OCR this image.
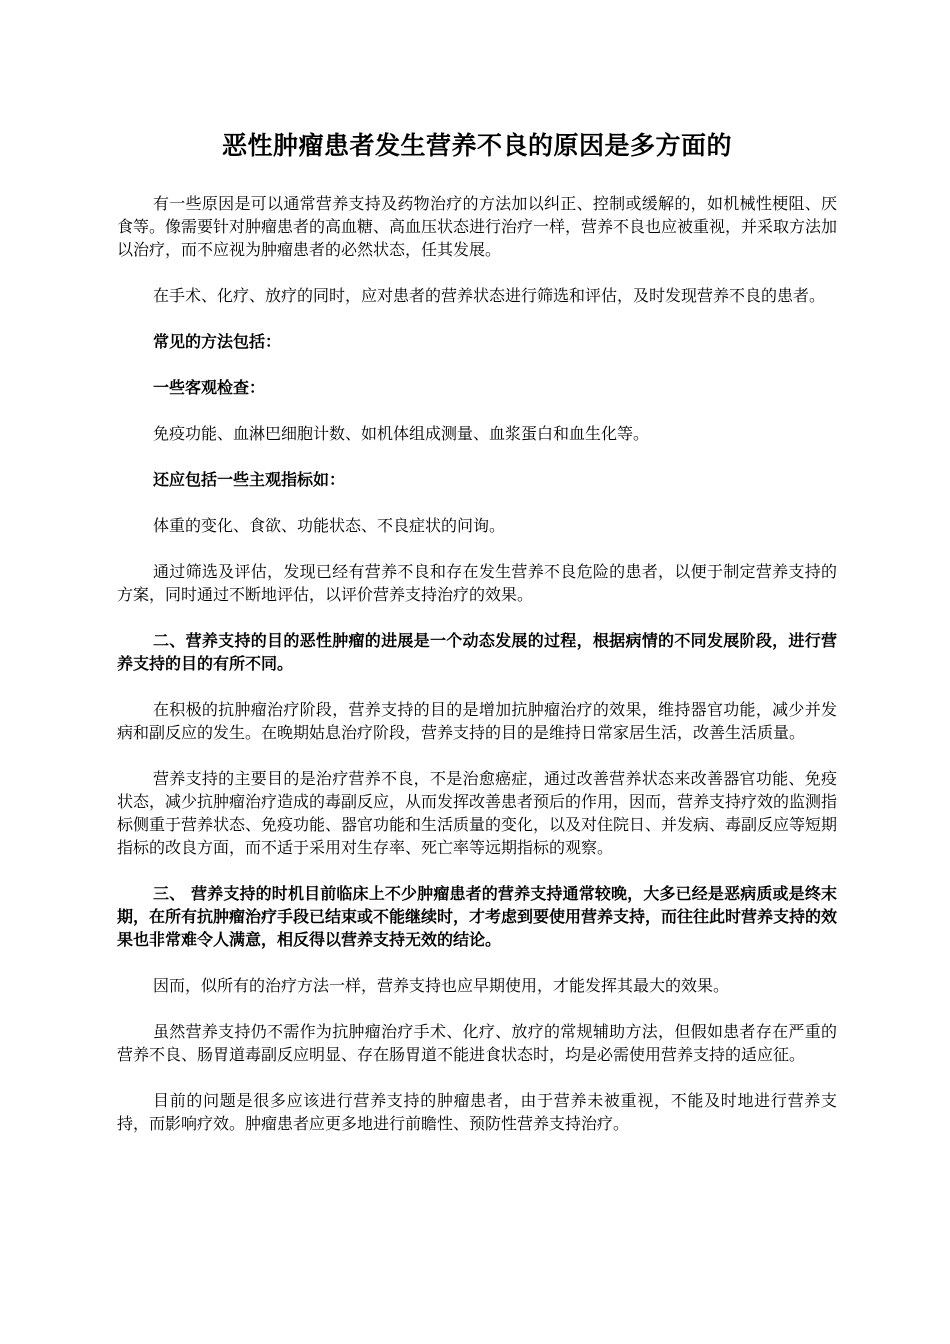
恶性肿瘤患者发生营养不良的原因是多方面的

有一些原因是可以通常营养支持及药物治疗的方法加以纠正、控制或缓解的，如机械性梗阻、厌食等。像需要针对肿瘤患者的高血糖、高血压状态进行治疗一样，营养不良也应被重视，并采取方法加以治疗，而不应视为肿瘤患者的必然状态，任其发展。

在手术、化疗、放疗的同时，应对患者的营养状态进行筛选和评估，及时发现营养不良的患者。

常见的方法包括：

一些客观检查：

免疫功能、血淋巴细胞计数、如机体组成测量、血浆蛋白和血生化等。

还应包括一些主观指标如：

体重的变化、食欲、功能状态、不良症状的问询。

通过筛选及评估，发现已经有营养不良和存在发生营养不良危险的患者，以便于制定营养支持的方案，同时通过不断地评估，以评价营养支持治疗的效果。

二、营养支持的目的恶性肿瘤的进展是一个动态发展的过程，根据病情的不同发展阶段，进行营养支持的目的有所不同。

在积极的抗肿瘤治疗阶段，营养支持的目的是增加抗肿瘤治疗的效果，维持器官功能，减少并发病和副反应的发生。在晚期姑息治疗阶段，营养支持的目的是维持日常家居生活，改善生活质量。

营养支持的主要目的是治疗营养不良，不是治愈癌症，通过改善营养状态来改善器官功能、免疫状态，减少抗肿瘤治疗造成的毒副反应，从而发挥改善患者预后的作用，因而，营养支持疗效的监测指标侧重于营养状态、免疫功能、器官功能和生活质量的变化，以及对住院日、并发病、毒副反应等短期指标的改良方面，而不适于采用对生存率、死亡率等远期指标的观察。

三、 营养支持的时机目前临床上不少肿瘤患者的营养支持通常较晚，大多已经是恶病质或是终末期，在所有抗肿瘤治疗手段已结束或不能继续时，才考虑到要使用营养支持，而往往此时营养支持的效果也非常难令人满意，相反得以营养支持无效的结论。

因而，似所有的治疗方法一样，营养支持也应早期使用，才能发挥其最大的效果。

虽然营养支持仍不需作为抗肿瘤治疗手术、化疗、放疗的常规辅助方法，但假如患者存在严重的营养不良、肠胃道毒副反应明显、存在肠胃道不能进食状态时，均是必需使用营养支持的适应征。

目前的问题是很多应该进行营养支持的肿瘤患者，由于营养未被重视，不能及时地进行营养支持，而影响疗效。肿瘤患者应更多地进行前瞻性、预防性营养支持治疗。
